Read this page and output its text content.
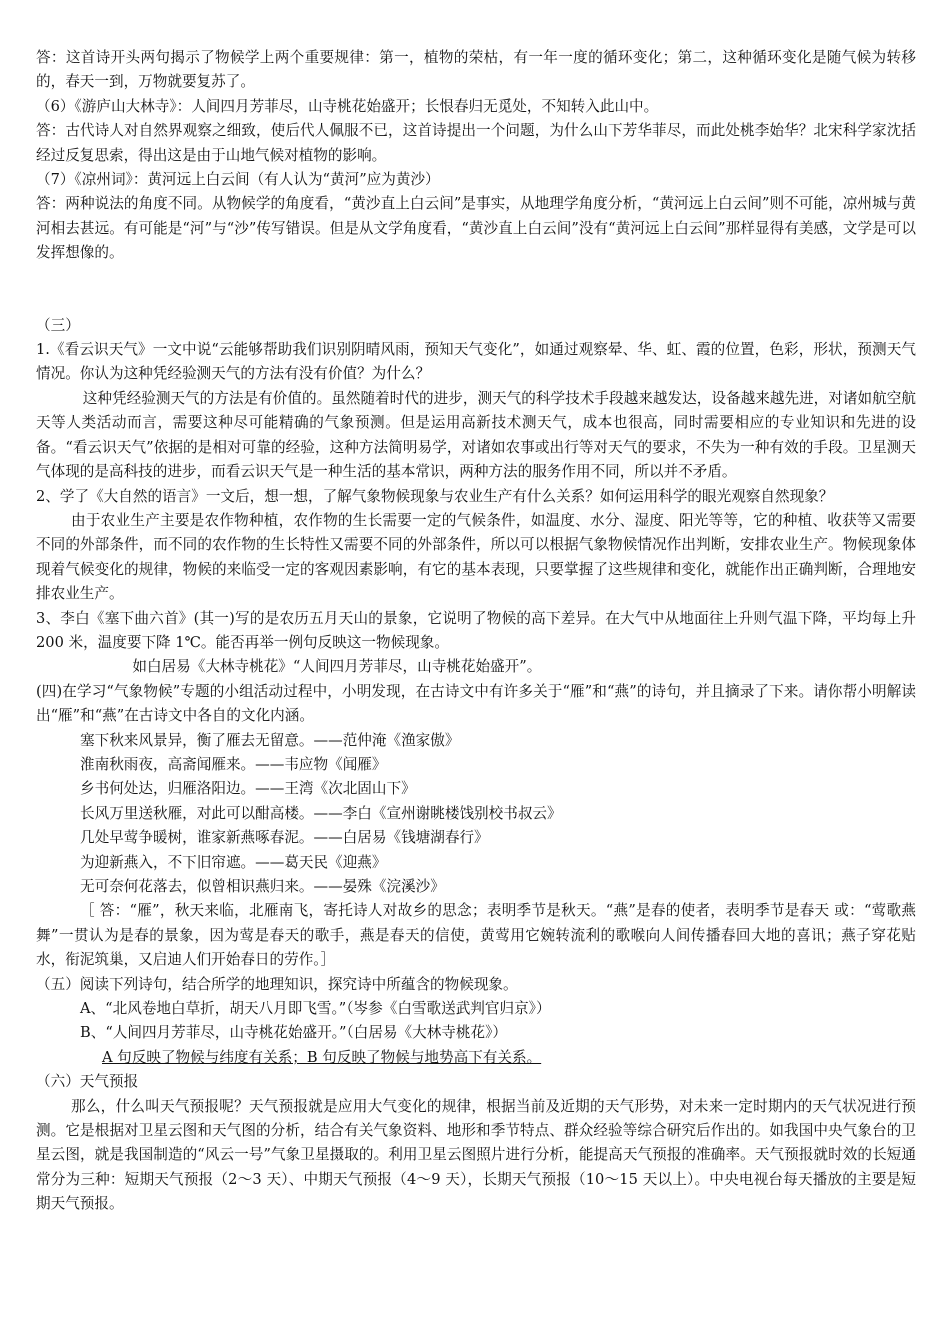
答：这首诗开头两句揭示了物候学上两个重要规律：第一，植物的荣枯，有一年一度的循环变化；第二，这种循环变化是随气候为转移的，春天一到，万物就要复苏了。

（6）《游庐山大林寺》：人间四月芳菲尽，山寺桃花始盛开；长恨春归无觅处，不知转入此山中。

答：古代诗人对自然界观察之细致，使后代人佩服不已，这首诗提出一个问题，为什么山下芳华菲尽，而此处桃李始华？北宋科学家沈括经过反复思索，得出这是由于山地气候对植物的影响。

（7）《凉州词》：黄河远上白云间（有人认为“黄河”应为黄沙）

答：两种说法的角度不同。从物候学的角度看，“黄沙直上白云间”是事实，从地理学角度分析，“黄河远上白云间”则不可能，凉州城与黄河相去甚远。有可能是“河”与“沙”传写错误。但是从文学角度看，“黄沙直上白云间”没有“黄河远上白云间”那样显得有美感，文学是可以发挥想像的。

（三）

1.《看云识天气》一文中说“云能够帮助我们识别阴晴风雨，预知天气变化”，如通过观察晕、华、虹、霞的位置，色彩，形状，预测天气情况。你认为这种凭经验测天气的方法有没有价值？为什么？

这种凭经验测天气的方法是有价值的。虽然随着时代的进步，测天气的科学技术手段越来越发达，设备越来越先进，对诸如航空航天等人类活动而言，需要这种尽可能精确的气象预测。但是运用高新技术测天气，成本也很高，同时需要相应的专业知识和先进的设备。“看云识天气”依据的是相对可靠的经验，这种方法简明易学，对诸如农事或出行等对天气的要求，不失为一种有效的手段。卫星测天气体现的是高科技的进步，而看云识天气是一种生活的基本常识，两种方法的服务作用不同，所以并不矛盾。

2、学了《大自然的语言》一文后，想一想，了解气象物候现象与农业生产有什么关系？如何运用科学的眼光观察自然现象？

由于农业生产主要是农作物种植，农作物的生长需要一定的气候条件，如温度、水分、湿度、阳光等等，它的种植、收获等又需要不同的外部条件，而不同的农作物的生长特性又需要不同的外部条件，所以可以根据气象物候情况作出判断，安排农业生产。物候现象体现着气候变化的规律，物候的来临受一定的客观因素影响，有它的基本表现，只要掌握了这些规律和变化，就能作出正确判断，合理地安排农业生产。

3、李白《塞下曲六首》(其一)写的是农历五月天山的景象，它说明了物候的高下差异。在大气中从地面往上升则气温下降，平均每上升 200 米，温度要下降 1℃。能否再举一例句反映这一物候现象。

如白居易《大林寺桃花》“人间四月芳菲尽，山寺桃花始盛开”。

(四)在学习“气象物候”专题的小组活动过程中，小明发现，在古诗文中有许多关于“雁”和“燕”的诗句，并且摘录了下来。请你帮小明解读出“雁”和“燕”在古诗文中各自的文化内涵。

塞下秋来风景异，衡了雁去无留意。——范仲淹《渔家傲》

淮南秋雨夜，高斋闻雁来。——韦应物《闻雁》

乡书何处达，归雁洛阳边。——王湾《次北固山下》

长风万里送秋雁，对此可以酣高楼。——李白《宣州谢眺楼饯别校书叔云》

几处早莺争暖树，谁家新燕啄春泥。——白居易《钱塘湖春行》

为迎新燕入，不下旧帘遮。——葛天民《迎燕》

无可奈何花落去，似曾相识燕归来。——晏殊《浣溪沙》

［ 答：“雁”，秋天来临，北雁南飞，寄托诗人对故乡的思念；表明季节是秋天。“燕”是春的使者，表明季节是春天 或：“莺歌燕舞”一贯认为是春的景象，因为莺是春天的歌手，燕是春天的信使，黄莺用它婉转流利的歌喉向人间传播春回大地的喜讯；燕子穿花贴水，衔泥筑巢，又启迪人们开始春日的劳作。］

（五）阅读下列诗句，结合所学的地理知识，探究诗中所蕴含的物候现象。

A、“北风卷地白草折，胡天八月即飞雪。”（岑参《白雪歌送武判官归京》）

B、“人间四月芳菲尽，山寺桃花始盛开。”（白居易《大林寺桃花》）

A 句反映了物候与纬度有关系；B 句反映了物候与地势高下有关系。

（六）天气预报

那么，什么叫天气预报呢？天气预报就是应用大气变化的规律，根据当前及近期的天气形势，对未来一定时期内的天气状况进行预测。它是根据对卫星云图和天气图的分析，结合有关气象资料、地形和季节特点、群众经验等综合研究后作出的。如我国中央气象台的卫星云图，就是我国制造的“风云一号”气象卫星摄取的。利用卫星云图照片进行分析，能提高天气预报的准确率。天气预报就时效的长短通常分为三种：短期天气预报（2～3 天）、中期天气预报（4～9 天），长期天气预报（10～15 天以上）。中央电视台每天播放的主要是短期天气预报。
